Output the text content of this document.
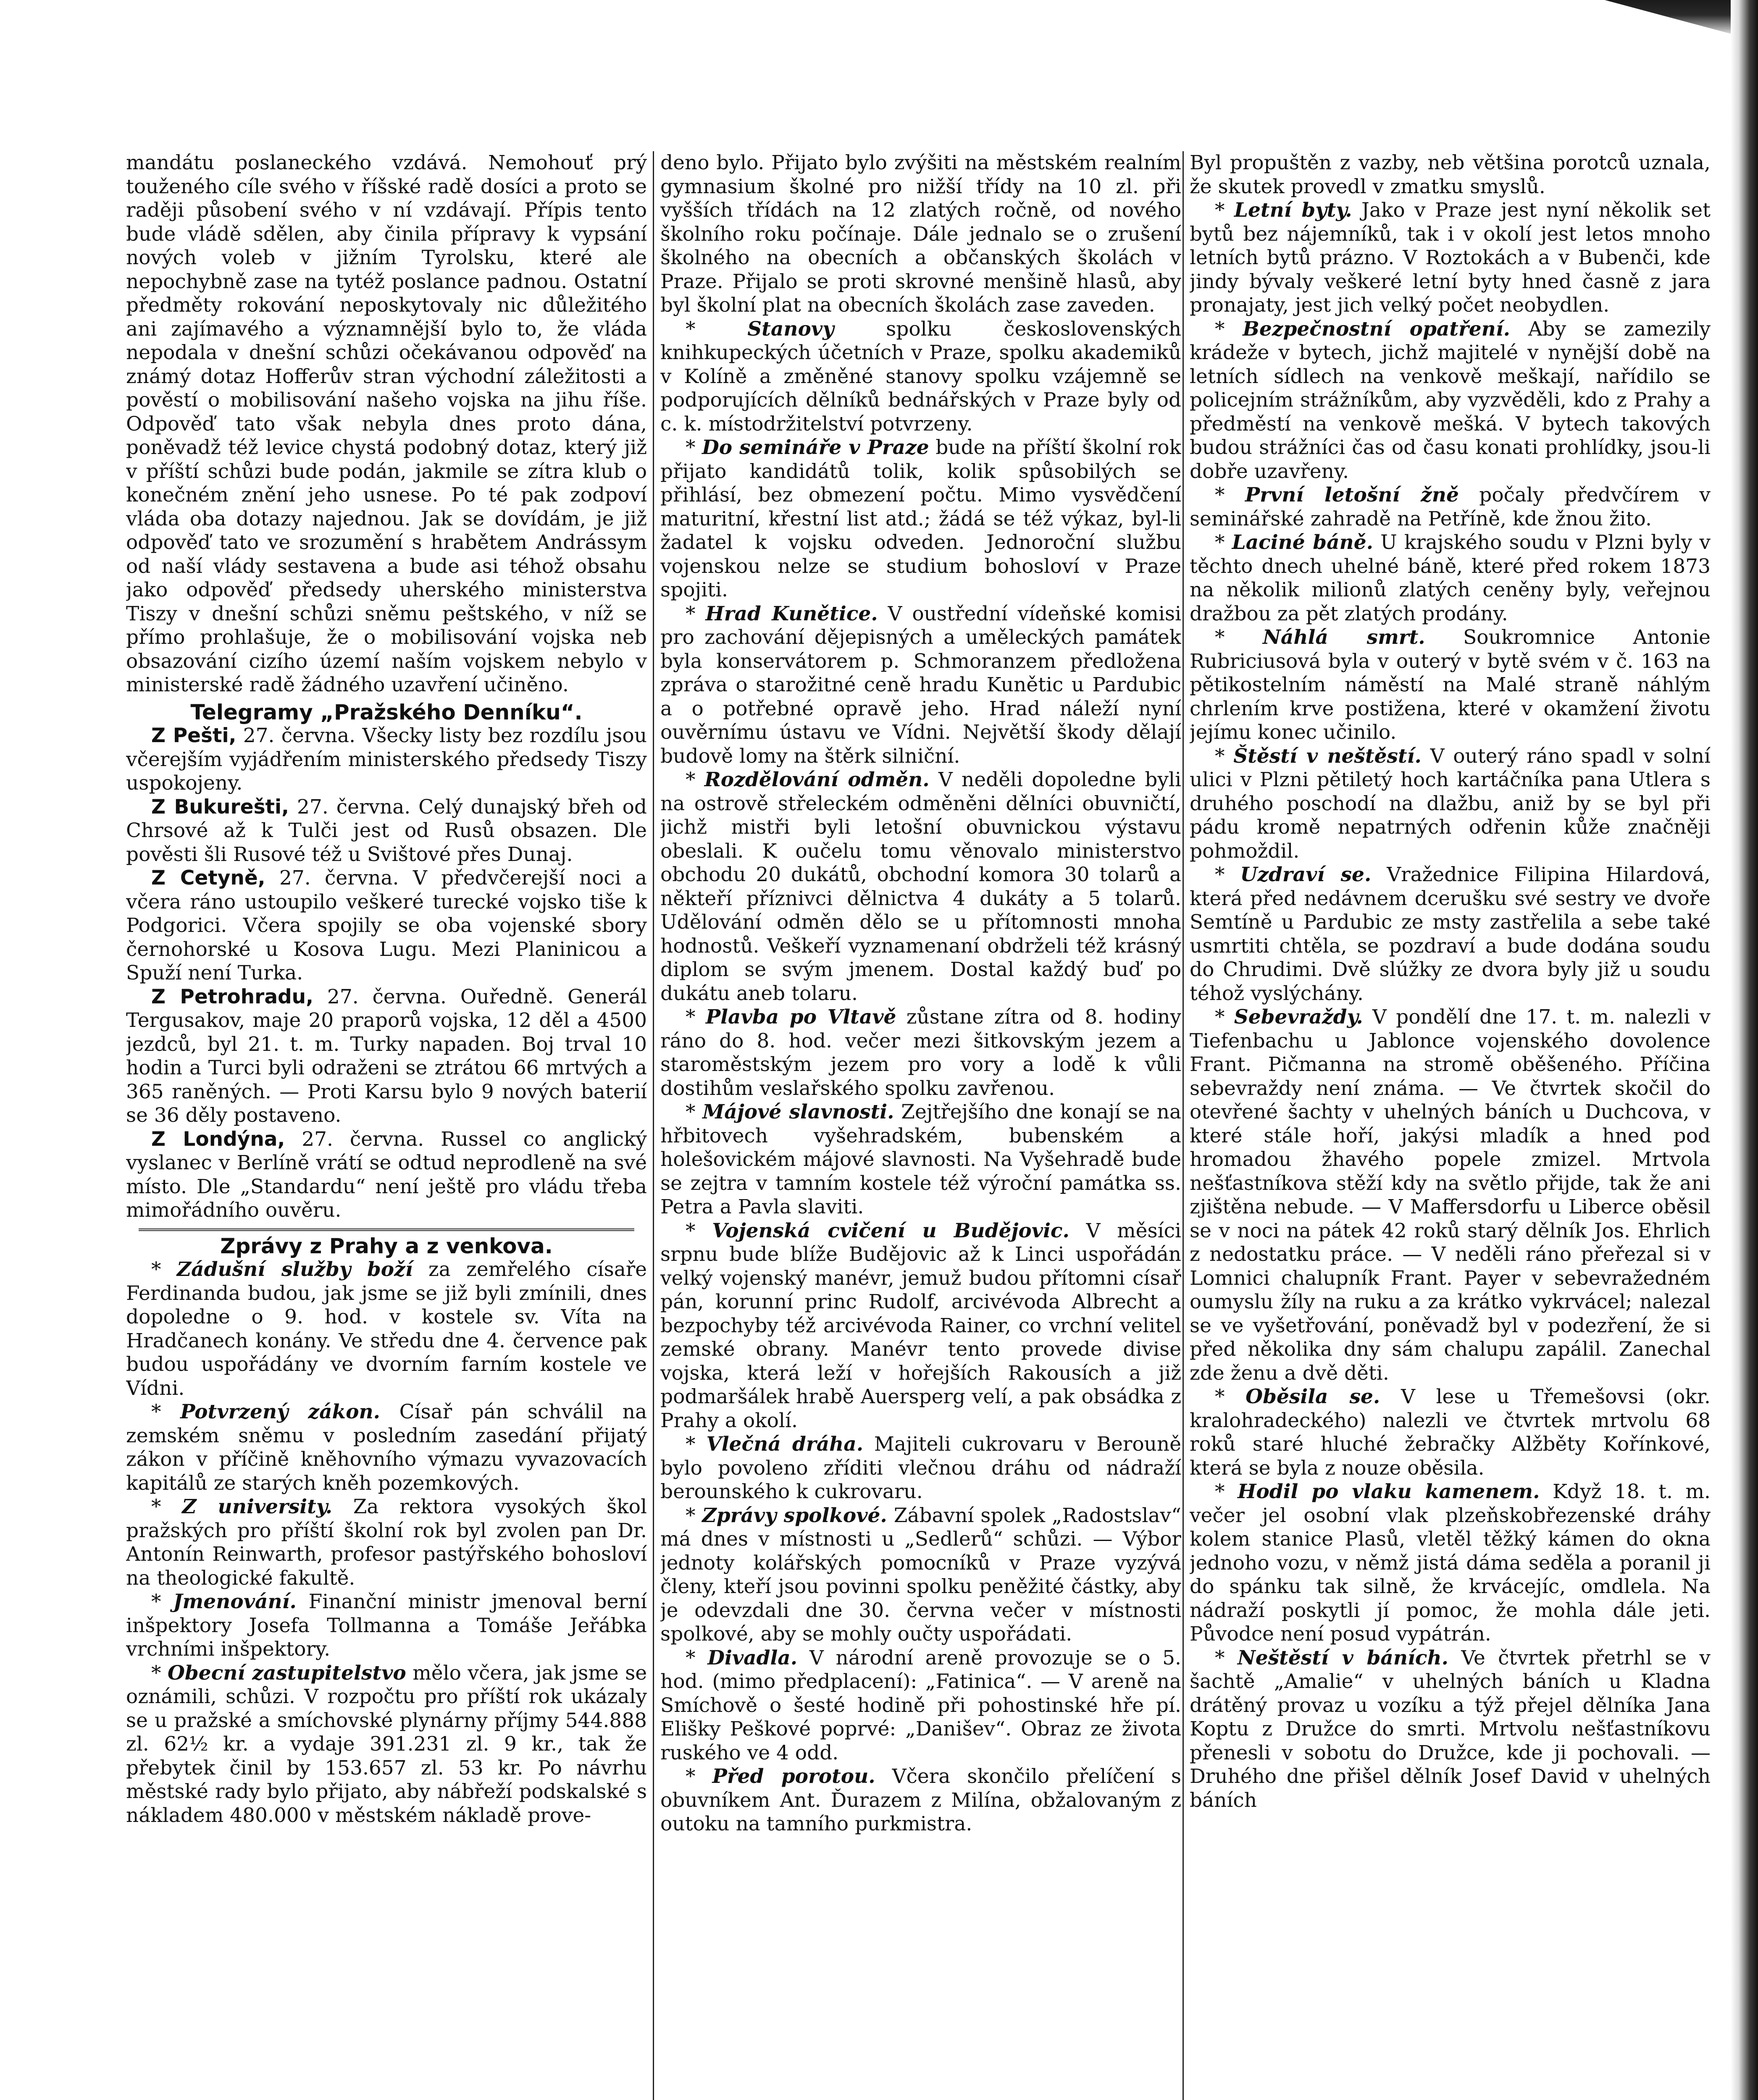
mandátu poslaneckého vzdává. Nemohouť prý touženého cíle svého v říšské radě dosíci a proto se raději působení svého v ní vzdávají. Přípis tento bude vládě sdělen, aby činila přípravy k vypsání nových voleb v jižním Tyrolsku, které ale nepochybně zase na tytéž poslance padnou. Ostatní předměty rokování neposkytovaly nic důležitého ani zajímavého a významnější bylo to, že vláda nepodala v dnešní schůzi očekávanou odpověď na známý dotaz Hofferův stran východní záležitosti a pověstí o mobilisování našeho vojska na jihu říše. Odpověď tato však nebyla dnes proto dána, poněvadž též levice chystá podobný dotaz, který již v příští schůzi bude podán, jakmile se zítra klub o konečném znění jeho usnese. Po té pak zodpoví vláda oba dotazy najednou. Jak se dovídám, je již odpověď tato ve srozumění s hrabětem Andrássym od naší vlády sestavena a bude asi téhož obsahu jako odpověď předsedy uherského ministerstva Tiszy v dnešní schůzi sněmu peštského, v níž se přímo prohlašuje, že o mobilisování vojska neb obsazování cizího území naším vojskem nebylo v ministerské radě žádného uzavření učiněno.

Telegramy „Pražského Denníku“.

Z Pešti, 27. června. Všecky listy bez rozdílu jsou včerejším vyjádřením ministerského předsedy Tiszy uspokojeny.

Z Bukurešti, 27. června. Celý dunajský břeh od Chrsové až k Tulči jest od Rusů obsazen. Dle pověsti šli Rusové též u Svištové přes Dunaj.

Z Cetyně, 27. června. V předvčerejší noci a včera ráno ustoupilo veškeré turecké vojsko tiše k Podgorici. Včera spojily se oba vojenské sbory černohorské u Kosova Lugu. Mezi Planinicou a Spuží není Turka.

Z Petrohradu, 27. června. Ouředně. Generál Tergusakov, maje 20 praporů vojska, 12 děl a 4500 jezdců, byl 21. t. m. Turky napaden. Boj trval 10 hodin a Turci byli odraženi se ztrátou 66 mrtvých a 365 raněných. — Proti Karsu bylo 9 nových baterií se 36 děly postaveno.

Z Londýna, 27. června. Russel co anglický vyslanec v Berlíně vrátí se odtud neprodleně na své místo. Dle „Standardu“ není ještě pro vládu třeba mimořádního ouvěru.

Zprávy z Prahy a z venkova.

* Zádušní služby boží za zemřelého císaře Ferdinanda budou, jak jsme se již byli zmínili, dnes dopoledne o 9. hod. v kostele sv. Víta na Hradčanech konány. Ve středu dne 4. července pak budou uspořádány ve dvorním farním kostele ve Vídni.

* Potvrzený zákon. Císař pán schválil na zemském sněmu v posledním zasedání přijatý zákon v příčině kněhovního výmazu vyvazovacích kapitálů ze starých kněh pozemkových.

* Z university. Za rektora vysokých škol pražských pro příští školní rok byl zvolen pan Dr. Antonín Reinwarth, profesor pastýřského bohosloví na theologické fakultě.

* Jmenování. Finanční ministr jmenoval berní inšpektory Josefa Tollmanna a Tomáše Jeřábka vrchními inšpektory.

* Obecní zastupitelstvo mělo včera, jak jsme se oznámili, schůzi. V rozpočtu pro příští rok ukázaly se u pražské a smíchovské plynárny příjmy 544.888 zl. 62½ kr. a vydaje 391.231 zl. 9 kr., tak že přebytek činil by 153.657 zl. 53 kr. Po návrhu městské rady bylo přijato, aby nábřeží podskalské s nákladem 480.000 v městském nákladě prove-

deno bylo. Přijato bylo zvýšiti na městském realním gymnasium školné pro nižší třídy na 10 zl. při vyšších třídách na 12 zlatých ročně, od nového školního roku počínaje. Dále jednalo se o zrušení školného na obecních a občanských školách v Praze. Přijalo se proti skrovné menšině hlasů, aby byl školní plat na obecních školách zase zaveden.

* Stanovy	spolku československých knihkupeckých účetních v Praze, spolku akademiků v Kolíně a změněné stanovy spolku vzájemně se podporujících dělníků bednářských v Praze byly od c. k. místodržitelství potvrzeny.

* Do semináře v Praze bude na příští školní rok přijato kandidátů tolik, kolik spůsobilých se přihlásí, bez obmezení počtu. Mimo vysvědčení maturitní, křestní list atd.; žádá se též výkaz, byl-li žadatel k vojsku odveden. Jednoroční službu vojenskou nelze se studium bohosloví v Praze spojiti.

* Hrad Kunětice. V oustřední vídeňské komisi pro zachování dějepisných a uměleckých památek byla konservátorem p. Schmoranzem předložena zpráva o starožitné ceně hradu Kunětic u Pardubic a o potřebné opravě jeho. Hrad náleží nyní ouvěrnímu ústavu ve Vídni. Největší škody dělají budově lomy na štěrk silniční.

* Rozdělování odměn. V neděli dopoledne byli na ostrově střeleckém odměněni dělníci obuvničtí, jichž mistři byli letošní obuvnickou výstavu obeslali. K oučelu tomu věnovalo ministerstvo obchodu 20 dukátů, obchodní komora 30 tolarů a někteří příznivci dělnictva 4 dukáty a 5 tolarů. Udělování odměn dělo se u přítomnosti mnoha hodnostů. Veškeří vyznamenaní obdrželi též krásný diplom se svým jmenem. Dostal každý buď po dukátu aneb tolaru.

* Plavba po Vltavě zůstane zítra od 8. hodiny ráno do 8. hod. večer mezi šitkovským jezem a staroměstským jezem pro vory a lodě k vůli dostihům veslařského spolku zavřenou.

* Májové slavnosti. Zejtřejšího dne konají se na hřbitovech vyšehradském, bubenském a holešovickém májové slavnosti. Na Vyšehradě bude se zejtra v tamním kostele též výroční památka ss. Petra a Pavla slaviti.

* Vojenská cvičení u Budějovic. V měsíci srpnu bude blíže Budějovic až k Linci uspořádán velký vojenský manévr, jemuž budou přítomni císař pán, korunní princ Rudolf, arcivévoda Albrecht a bezpochyby též arcivévoda Rainer, co vrchní velitel zemské obrany. Manévr tento provede divise vojska, která leží v hořejších Rakousích a již podmaršálek hrabě Auersperg velí, a pak obsádka z Prahy a okolí.

* Vlečná dráha. Majiteli cukrovaru v Berouně bylo povoleno zříditi vlečnou dráhu od nádraží berounského k cukrovaru.

* Zprávy spolkové. Zábavní spolek „Radostslav“ má dnes v místnosti u „Sedlerů“ schůzi. — Výbor jednoty kolářských pomocníků v Praze vyzývá členy, kteří jsou povinni spolku peněžité částky, aby je odevzdali dne 30. června večer v místnosti spolkové, aby se mohly oučty uspořádati.

* Divadla. V národní areně provozuje se o 5. hod. (mimo předplacení): „Fatinica“. — V areně na Smíchově o šesté hodině při pohostinské hře pí. Elišky Peškové poprvé: „Danišev“. Obraz ze života ruského ve 4 odd.

* Před porotou. Včera skončilo přelíčení s obuvníkem Ant. Ďurazem z Milína, obžalovaným z outoku na tamního purkmistra.

Byl propuštěn z vazby, neb většina porotců uznala, že skutek provedl v zmatku smyslů.

* Letní byty. Jako v Praze jest nyní několik set bytů bez nájemníků, tak i v okolí jest letos mnoho letních bytů prázno. V Roztokách a v Bubenči, kde jindy bývaly veškeré letní byty hned časně z jara pronajaty, jest jich velký počet neobydlen.

* Bezpečnostní opatření. Aby se zamezily krádeže v bytech, jichž majitelé v nynější době na letních sídlech na venkově meškají, nařídilo se policejním strážníkům, aby vyzvěděli, kdo z Prahy a předměstí na venkově mešká. V bytech takových budou strážníci čas od času konati prohlídky, jsou-li dobře uzavřeny.

* První letošní žně počaly předvčírem v seminářské zahradě na Petříně, kde žnou žito.

* Laciné báně. U krajského soudu v Plzni byly v těchto dnech uhelné báně, které před rokem 1873 na několik milionů zlatých ceněny byly, veřejnou dražbou za pět zlatých prodány.

* Náhlá smrt. Soukromnice Antonie Rubriciusová byla v outerý v bytě svém v č. 163 na pětikostelním náměstí na Malé straně náhlým chrlením krve postižena, které v okamžení životu jejímu konec učinilo.

* Štěstí v neštěstí. V outerý ráno spadl v solní ulici v Plzni pětiletý hoch kartáčníka pana Utlera s druhého poschodí na dlažbu, aniž by se byl při pádu kromě nepatrných odřenin kůže značněji pohmoždil.

* Uzdraví se. Vražednice Filipina Hilardová, která před nedávnem dcerušku své sestry ve dvoře Semtíně u Pardubic ze msty zastřelila a sebe také usmrtiti chtěla, se pozdraví a bude dodána soudu do Chrudimi. Dvě slúžky ze dvora byly již u soudu téhož vyslýchány.

* Sebevraždy. V pondělí dne 17. t. m. nalezli v Tiefenbachu u Jablonce vojenského dovolence Frant. Pičmanna na stromě oběšeného. Příčina sebevraždy není známa. — Ve čtvrtek skočil do otevřené šachty v uhelných báních u Duchcova, v které stále hoří, jakýsi mladík a hned pod hromadou žhavého popele zmizel. Mrtvola nešťastníkova stěží kdy na světlo přijde, tak že ani zjištěna nebude. — V Maffersdorfu u Liberce oběsil se v noci na pátek 42 roků starý dělník Jos. Ehrlich z nedostatku práce. — V neděli ráno přeřezal si v Lomnici chalupník Frant. Payer v sebevražedném oumyslu žíly na ruku a za krátko vykrvácel; nalezal se ve vyšetřování, poněvadž byl v podezření, že si před několika dny sám chalupu zapálil. Zanechal zde ženu a dvě děti.

* Oběsila se. V lese u Třemešovsi (okr. kralohradeckého) nalezli ve čtvrtek mrtvolu 68 roků staré hluché žebračky Alžběty Kořínkové, která se byla z nouze oběsila.

* Hodil po vlaku kamenem. Když 18. t. m. večer jel osobní vlak plzeňskobřezenské dráhy kolem stanice Plasů, vletěl těžký kámen do okna jednoho vozu, v němž jistá dáma seděla a poranil ji do spánku tak silně, že krvácejíc, omdlela. Na nádraží poskytli jí pomoc, že mohla dále jeti. Původce není posud vypátrán.

* Neštěstí v báních. Ve čtvrtek přetrhl se v šachtě „Amalie“ v uhelných báních u Kladna drátěný provaz u vozíku a týž přejel dělníka Jana Koptu z Družce do smrti. Mrtvolu nešťastníkovu přenesli v sobotu do Družce, kde ji pochovali. — Druhého dne přišel dělník Josef David v uhelných báních
